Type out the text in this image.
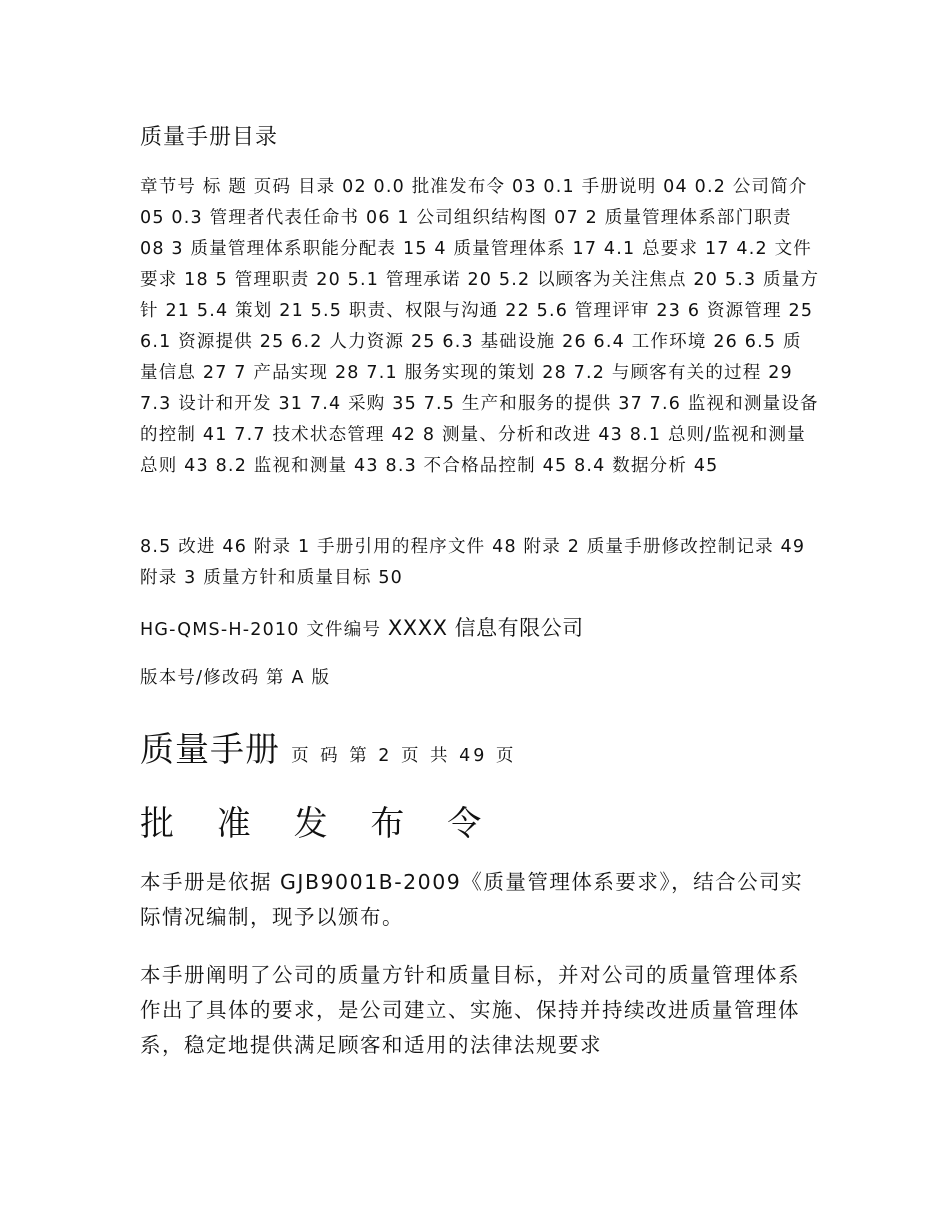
质量手册目录

章节号 标 题 页码 目录 02 0.0 批准发布令 03 0.1 手册说明 04 0.2 公司简介 05 0.3 管理者代表任命书 06 1 公司组织结构图 07 2 质量管理体系部门职责 08 3 质量管理体系职能分配表 15 4 质量管理体系 17 4.1 总要求 17 4.2 文件要求 18 5 管理职责 20 5.1 管理承诺 20 5.2 以顾客为关注焦点 20 5.3 质量方针 21 5.4 策划 21 5.5 职责、权限与沟通 22 5.6 管理评审 23 6 资源管理 25 6.1 资源提供 25 6.2 人力资源 25 6.3 基础设施 26 6.4 工作环境 26 6.5 质量信息 27 7 产品实现 28 7.1 服务实现的策划 28 7.2 与顾客有关的过程 29 7.3 设计和开发 31 7.4 采购 35 7.5 生产和服务的提供 37 7.6 监视和测量设备的控制 41 7.7 技术状态管理 42 8 测量、分析和改进 43 8.1 总则/监视和测量总则 43 8.2 监视和测量 43 8.3 不合格品控制 45 8.4 数据分析 45

8.5 改进 46 附录 1 手册引用的程序文件 48 附录 2 质量手册修改控制记录 49 附录 3 质量方针和质量目标 50

HG-QMS-H-2010 文件编号 XXXX 信息有限公司

版本号/修改码 第 A 版

质量手册 页 码 第 2 页 共 49 页

批 准 发 布 令

本手册是依据 GJB9001B-2009《质量管理体系要求》，结合公司实际情况编制，现予以颁布。

本手册阐明了公司的质量方针和质量目标，并对公司的质量管理体系作出了具体的要求，是公司建立、实施、保持并持续改进质量管理体系，稳定地提供满足顾客和适用的法律法规要求
